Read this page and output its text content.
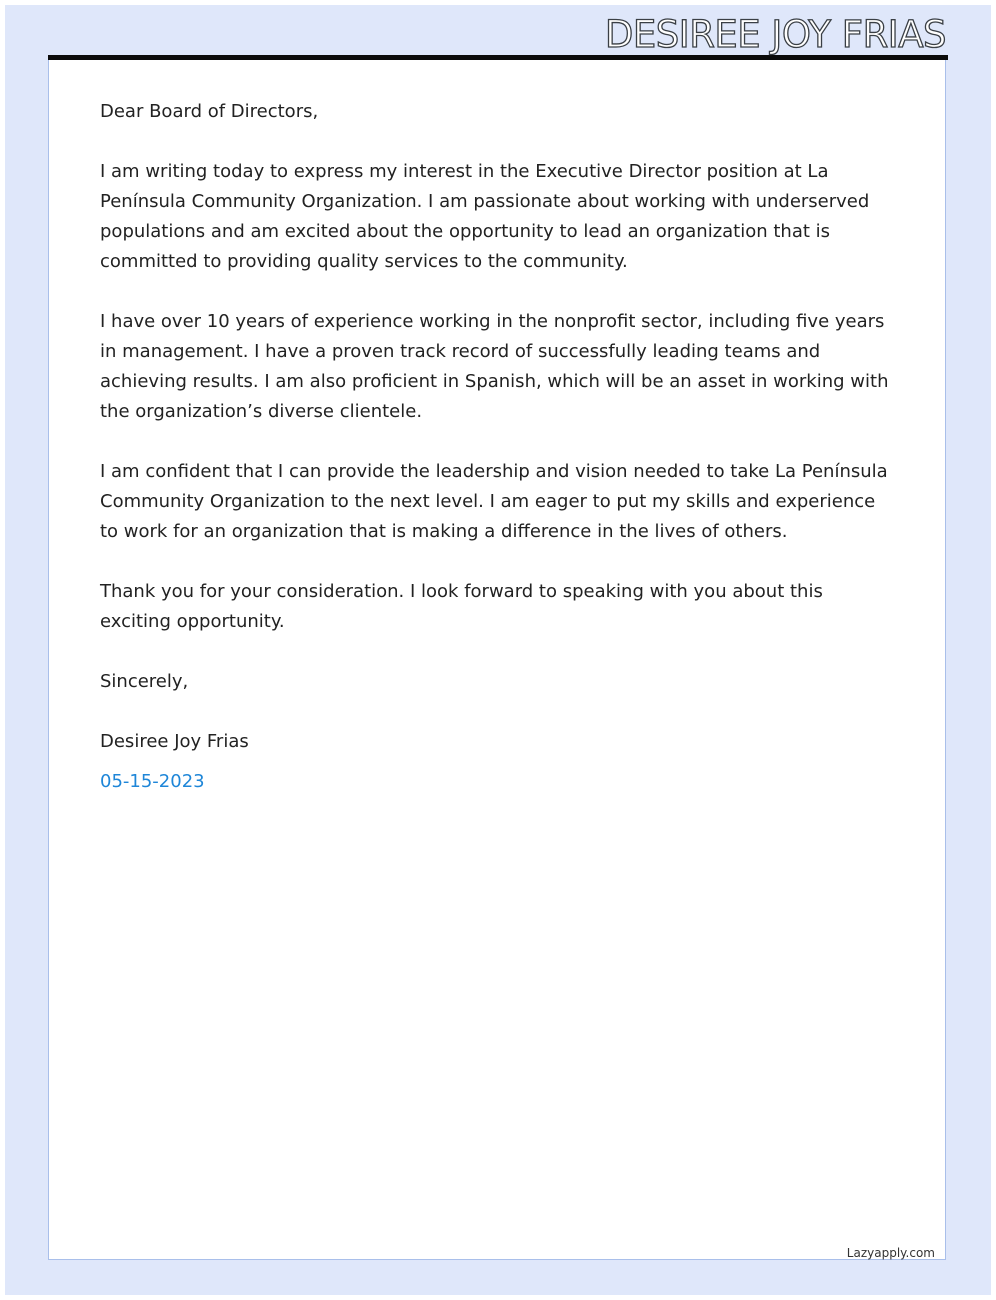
DESIREE JOY FRIAS

Dear Board of Directors,

I am writing today to express my interest in the Executive Director position at La Península Community Organization. I am passionate about working with underserved populations and am excited about the opportunity to lead an organization that is committed to providing quality services to the community.

I have over 10 years of experience working in the nonprofit sector, including five years in management. I have a proven track record of successfully leading teams and achieving results. I am also proficient in Spanish, which will be an asset in working with the organization’s diverse clientele.

I am confident that I can provide the leadership and vision needed to take La Península Community Organization to the next level. I am eager to put my skills and experience to work for an organization that is making a difference in the lives of others.

Thank you for your consideration. I look forward to speaking with you about this exciting opportunity.

Sincerely,

Desiree Joy Frias

05-15-2023

Lazyapply.com
